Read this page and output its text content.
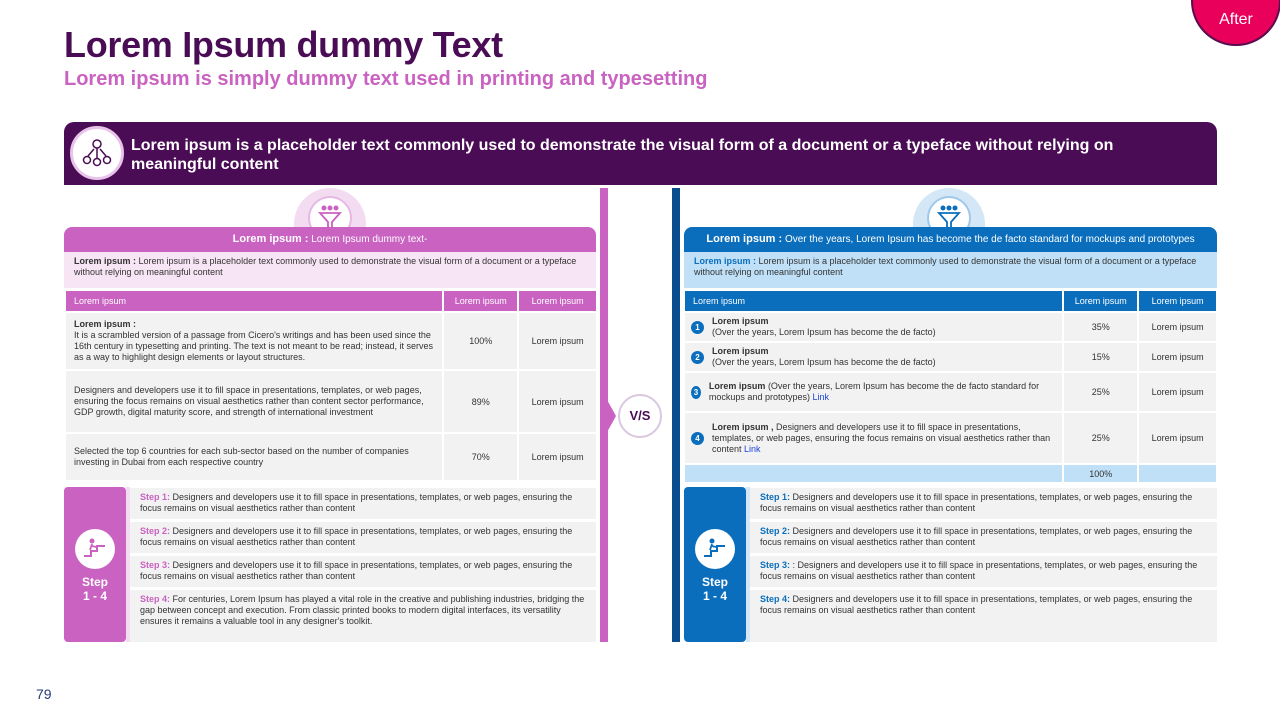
Lorem Ipsum dummy Text
Lorem ipsum is simply dummy text used in printing and typesetting
After
Lorem ipsum is a placeholder text commonly used to demonstrate the visual form of a document or a typeface without relying on meaningful content
Lorem ipsum : Lorem Ipsum dummy text-
Lorem ipsum : Lorem ipsum is a placeholder text commonly used to demonstrate the visual form of a document or a typeface without relying on meaningful content
Lorem ipsum	Lorem ipsum	Lorem ipsum
Lorem ipsum :
It is a scrambled version of a passage from Cicero's writings and has been used since the 16th century in typesetting and printing. The text is not meant to be read; instead, it serves as a way to highlight design elements or layout structures.	100%	Lorem ipsum
Designers and developers use it to fill space in presentations, templates, or web pages, ensuring the focus remains on visual aesthetics rather than content sector performance, GDP growth, digital maturity score, and strength of international investment	89%	Lorem ipsum
Selected the top 6 countries for each sub-sector based on the number of companies investing in Dubai from each respective country	70%	Lorem ipsum
Step
1 - 4
Step 1: Designers and developers use it to fill space in presentations, templates, or web pages, ensuring the focus remains on visual aesthetics rather than content
Step 2: Designers and developers use it to fill space in presentations, templates, or web pages, ensuring the focus remains on visual aesthetics rather than content
Step 3: Designers and developers use it to fill space in presentations, templates, or web pages, ensuring the focus remains on visual aesthetics rather than content
Step 4: For centuries, Lorem Ipsum has played a vital role in the creative and publishing industries, bridging the gap between concept and execution. From classic printed books to modern digital interfaces, its versatility ensures it remains a valuable tool in any designer's toolkit.
V/S
Lorem ipsum : Over the years, Lorem Ipsum has become the de facto standard for mockups and prototypes
Lorem ipsum : Lorem ipsum is a placeholder text commonly used to demonstrate the visual form of a document or a typeface without relying on meaningful content
Lorem ipsum	Lorem ipsum	Lorem ipsum

1
Lorem ipsum
(Over the years, Lorem Ipsum has become the de facto)	35%	Lorem ipsum

2
Lorem ipsum
(Over the years, Lorem Ipsum has become the de facto)	15%	Lorem ipsum

3
Lorem ipsum (Over the years, Lorem Ipsum has become the de facto standard for mockups and prototypes) Link	25%	Lorem ipsum

4
Lorem ipsum , Designers and developers use it to fill space in presentations, templates, or web pages, ensuring the focus remains on visual aesthetics rather than content Link	25%	Lorem ipsum
	100%	
Step
1 - 4
Step 1: Designers and developers use it to fill space in presentations, templates, or web pages, ensuring the focus remains on visual aesthetics rather than content
Step 2: Designers and developers use it to fill space in presentations, templates, or web pages, ensuring the focus remains on visual aesthetics rather than content
Step 3: : Designers and developers use it to fill space in presentations, templates, or web pages, ensuring the focus remains on visual aesthetics rather than content
Step 4: Designers and developers use it to fill space in presentations, templates, or web pages, ensuring the focus remains on visual aesthetics rather than content
79
